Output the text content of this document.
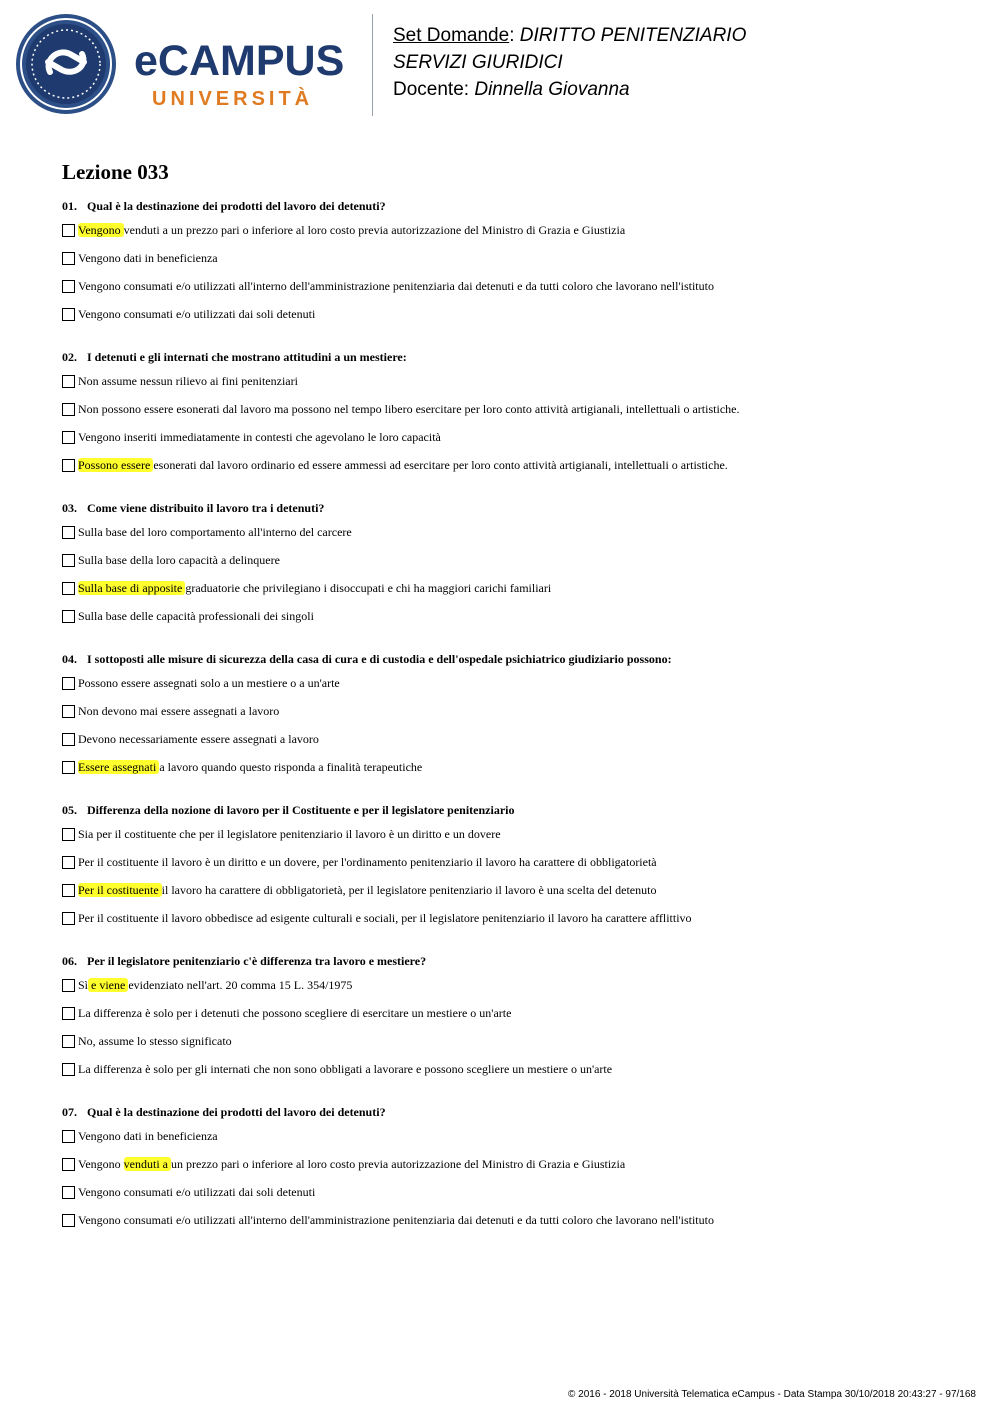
eCAMPUS
UNIVERSITÀ
Set Domande: DIRITTO PENITENZIARIO
SERVIZI GIURIDICI
Docente: Dinnella Giovanna
Lezione 033
01. Qual è la destinazione dei prodotti del lavoro dei detenuti?
Vengono venduti a un prezzo pari o inferiore al loro costo previa autorizzazione del Ministro di Grazia e Giustizia
Vengono dati in beneficienza
Vengono consumati e/o utilizzati all'interno dell'amministrazione penitenziaria dai detenuti e da tutti coloro che lavorano nell'istituto
Vengono consumati e/o utilizzati dai soli detenuti
02. I detenuti e gli internati che mostrano attitudini a un mestiere:
Non assume nessun rilievo ai fini penitenziari
Non possono essere esonerati dal lavoro ma possono nel tempo libero esercitare per loro conto attività artigianali, intellettuali o artistiche.
Vengono inseriti immediatamente in contesti che agevolano le loro capacità
Possono essere esonerati dal lavoro ordinario ed essere ammessi ad esercitare per loro conto attività artigianali, intellettuali o artistiche.
03. Come viene distribuito il lavoro tra i detenuti?
Sulla base del loro comportamento all'interno del carcere
Sulla base della loro capacità a delinquere
Sulla base di apposite graduatorie che privilegiano i disoccupati e chi ha maggiori carichi familiari
Sulla base delle capacità professionali dei singoli
04. I sottoposti alle misure di sicurezza della casa di cura e di custodia e dell'ospedale psichiatrico giudiziario possono:
Possono essere assegnati solo a un mestiere o a un'arte
Non devono mai essere assegnati a lavoro
Devono necessariamente essere assegnati a lavoro
Essere assegnati a lavoro quando questo risponda a finalità terapeutiche
05. Differenza della nozione di lavoro per il Costituente e per il legislatore penitenziario
Sia per il costituente che per il legislatore penitenziario il lavoro è un diritto e un dovere
Per il costituente il lavoro è un diritto e un dovere, per l'ordinamento penitenziario il lavoro ha carattere di obbligatorietà
Per il costituente il lavoro ha carattere di obbligatorietà, per il legislatore penitenziario il lavoro è una scelta del detenuto
Per il costituente il lavoro obbedisce ad esigente culturali e sociali, per il legislatore penitenziario il lavoro ha carattere afflittivo
06. Per il legislatore penitenziario c'è differenza tra lavoro e mestiere?
Sì e viene evidenziato nell'art. 20 comma 15 L. 354/1975
La differenza è solo per i detenuti che possono scegliere di esercitare un mestiere o un'arte
No, assume lo stesso significato
La differenza è solo per gli internati che non sono obbligati a lavorare e possono scegliere un mestiere o un'arte
07. Qual è la destinazione dei prodotti del lavoro dei detenuti?
Vengono dati in beneficienza
Vengono venduti a un prezzo pari o inferiore al loro costo previa autorizzazione del Ministro di Grazia e Giustizia
Vengono consumati e/o utilizzati dai soli detenuti
Vengono consumati e/o utilizzati all'interno dell'amministrazione penitenziaria dai detenuti e da tutti coloro che lavorano nell'istituto
© 2016 - 2018 Università Telematica eCampus - Data Stampa 30/10/2018 20:43:27 - 97/168
